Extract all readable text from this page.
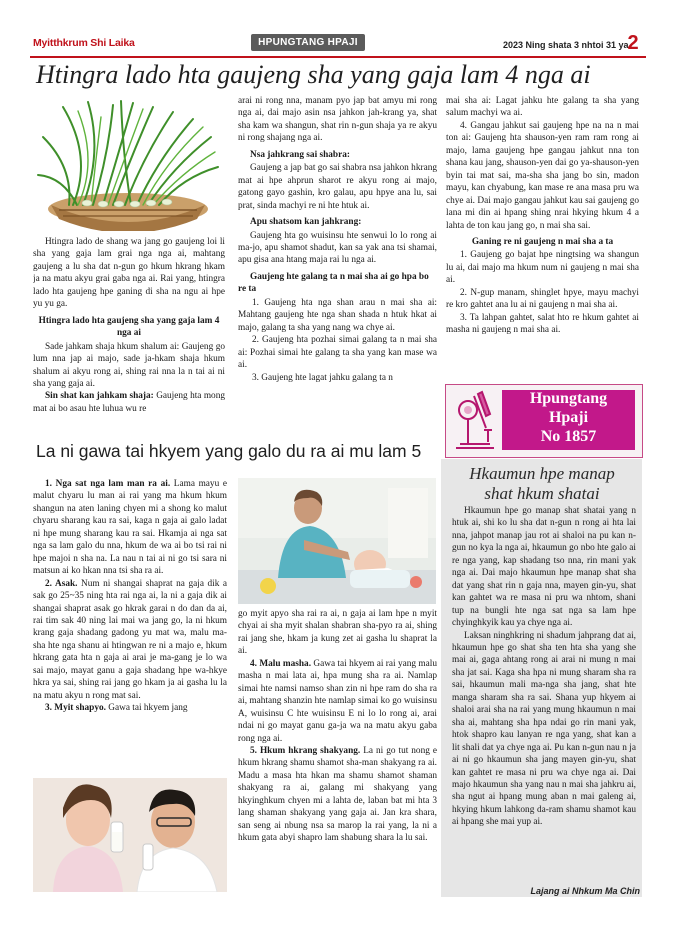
Myitthkrum Shi Laika	HPUNGTANG HPAJI	2023 Ning shata 3 nhtoi 31 ya
2
Htingra lado hta gaujeng sha yang gaja lam 4 nga ai

Htingra lado de shang wa jang go gaujeng loi li sha yang gaja lam grai nga nga ai, mahtang gaujeng a lu sha dat n-gun go hkum hkrang hkam ja na matu akyu grai gaba nga ai. Rai yang, htingra lado hta gaujeng hpe ganing di sha na ngu ai hpe yu yu ga.

Htingra lado hta gaujeng sha yang gaja lam 4 nga ai

Sade jahkam shaja hkum shalum ai: Gaujeng go lum nna jap ai majo, sade ja-hkam shaja hkum shalum ai akyu rong ai, shing rai nna la n tai ai ni sha yang gaja ai.

Sin shat kan jahkam shaja: Gaujeng hta mong mat ai bo asau hte luhua wu re

arai ni rong nna, manam pyo jap bat amyu mi rong nga ai, dai majo asin nsa jahkon jah-krang ya, shat sha kam wa shangun, shat rin n-gun shaja ya re akyu ni rong shajang nga ai.

Nsa jahkrang sai shabra:

Gaujeng a jap bat go sai shabra nsa jahkon hkrang mat ai hpe ahprun sharot re akyu rong ai majo, gatong gayo gashin, kro galau, apu hpye ana lu, sai prat, sinda machyi re ni hte htuk ai.

Apu shatsom kan jahkrang:

Gaujeng hta go wuisinsu hte senwui lo lo rong ai ma-jo, apu shamot shadut, kan sa yak ana tsi shamai, apu gisa ana htang maja rai lu nga ai.

Gaujeng hte galang ta n mai sha ai go hpa bo re ta

1. Gaujeng hta nga shan arau n mai sha ai: Mahtang gaujeng hte nga shan shada n htuk hkat ai majo, galang ta sha yang nang wa chye ai.

2. Gaujeng hta pozhai simai galang ta n mai sha ai: Pozhai simai hte galang ta sha yang kan mase wa ai.

3. Gaujeng hte lagat jahku galang ta n

mai sha ai: Lagat jahku hte galang ta sha yang salum machyi wa ai.

4. Gangau jahkut sai gaujeng hpe na na n mai ton ai: Gaujeng hta shauson-yen ram ram rong ai majo, lama gaujeng hpe gangau jahkut nna ton shana kau jang, shauson-yen dai go ya-shauson-yen byin tai mat sai, ma-sha sha jang bo sin, madon mayu, kan chyabung, kan mase re ana masa pru wa chye ai. Dai majo gangau jahkut kau sai gaujeng go lana mi din ai hpang shing nrai hkying hkum 4 a lahta de ton kau jang go, n mai sha sai.

Ganing re ni gaujeng n mai sha a ta

1. Gaujeng go bajat hpe ningtsing wa shangun lu ai, dai majo ma hkum num ni gaujeng n mai sha ai.

2. N-gup manam, shinglet hpye, mayu machyi re kro gahtet ana lu ai ni gaujeng n mai sha ai.

3. Ta lahpan gahtet, salat hto re hkum gahtet ai masha ni gaujeng n mai sha ai.

Hpungtang
Hpaji
No 1857
La ni gawa tai hkyem yang galo du ra ai mu lam 5

1. Nga sat nga lam man ra ai. Lama mayu e malut chyaru lu man ai rai yang ma hkum hkum shangun na aten laning chyen mi a shong ko malut chyaru sharang kau ra sai, kaga n gaja ai galo ladat ni hpe mung sharang kau ra sai. Hkamja ai nga sat nga sa lam galo du nna, hkum de wa ai bo tsi rai ni hpe majoi n sha na. La nau n tai ai ni go tsi sara ni matsun ai ko hkan nna tsi sha ra ai.

2. Asak. Num ni shangai shaprat na gaja dik a sak go 25~35 ning hta rai nga ai, la ni a gaja dik ai shangai shaprat asak go hkrak garai n do dan da ai, rai tim sak 40 ning lai mai wa jang go, la ni hkum krang gaja shadang gadong yu mat wa, malu ma-sha hte nga shanu ai htingwan re ni a majo e, hkum hkrang gata hta n gaja ai arai je ma-gang je lo wa sai majo, mayat ganu a gaja shadang hpe wa-hkye hkra ya sai, shing rai jang go hkam ja ai gasha lu la na matu akyu n rong mat sai.

3. Myit shapyo. Gawa tai hkyem jang

go myit apyo sha rai ra ai, n gaja ai lam hpe n myit chyai ai sha myit shalan shabran sha-pyo ra ai, shing rai jang she, hkam ja kung zet ai gasha lu shaprat la ai.

4. Malu masha. Gawa tai hkyem ai rai yang malu masha n mai lata ai, hpa mung sha ra ai. Namlap simai hte namsi namso shan zin ni hpe ram do sha ra ai, mahtang shanzin hte namlap simai ko go wuisinsu A, wuisinsu C hte wuisinsu E ni lo lo rong ai, arai ndai ni go mayat ganu ga-ja wa na matu akyu gaba rong nga ai.

5. Hkum hkrang shakyang. La ni go tut nong e hkum hkrang shamu shamot sha-man shakyang ra ai. Madu a masa hta hkan ma shamu shamot shaman shakyang ra ai, galang mi shakyang yang hkyinghkum chyen mi a lahta de, laban bat mi hta 3 lang shaman shakyang yang gaja ai. Jan kra shara, san seng ai nbung nsa sa marop la rai yang, la ni a hkum gata abyi shapro lam shabung shara la lu sai.

Hkaumun hpe manap
shat hkum shatai

Hkaumun hpe go manap shat shatai yang n htuk ai, shi ko lu sha dat n-gun n rong ai hta lai nna, jahpot manap jau rot ai shaloi na pu kan n-gun no kya la nga ai, hkaumun go nbo hte galo ai re nga yang, kap shadang tso nna, rin mani yak nga ai. Dai majo hkaumun hpe manap shat sha dat yang shat rin n gaja nna, mayen gin-yu, shat kan gahtet wa re masa ni pru wa nhtom, shani tup na bungli hte nga sat nga sa lam hpe chyinghkyik kau ya chye nga ai.

Laksan ninghkring ni shadum jahprang dat ai, hkaumun hpe go shat sha ten hta sha yang she mai ai, gaga ahtang rong ai arai ni mung n mai sha jat sai. Kaga sha hpa ni mung sharam sha ra sai, hkaumun mali ma-nga sha jang, shat hte manga sharam sha ra sai. Shana yup hkyem ai shaloi arai sha na rai yang mung hkaumun n mai sha ai, mahtang sha hpa ndai go rin mani yak, htok shapro kau lanyan re nga yang, shat kan a lit shali dat ya chye nga ai. Pu kan n-gun nau n ja ai ni go hkaumun sha jang mayen gin-yu, shat kan gahtet re masa ni pru wa chye nga ai. Dai majo hkaumun sha yang nau n mai sha jahkru ai, sha ngut ai hpang mung aban n mai galeng ai, hkying hkum lahkong da-ram shamu shamot kau ai hpang she mai yup ai.

Lajang ai Nhkum Ma Chin
